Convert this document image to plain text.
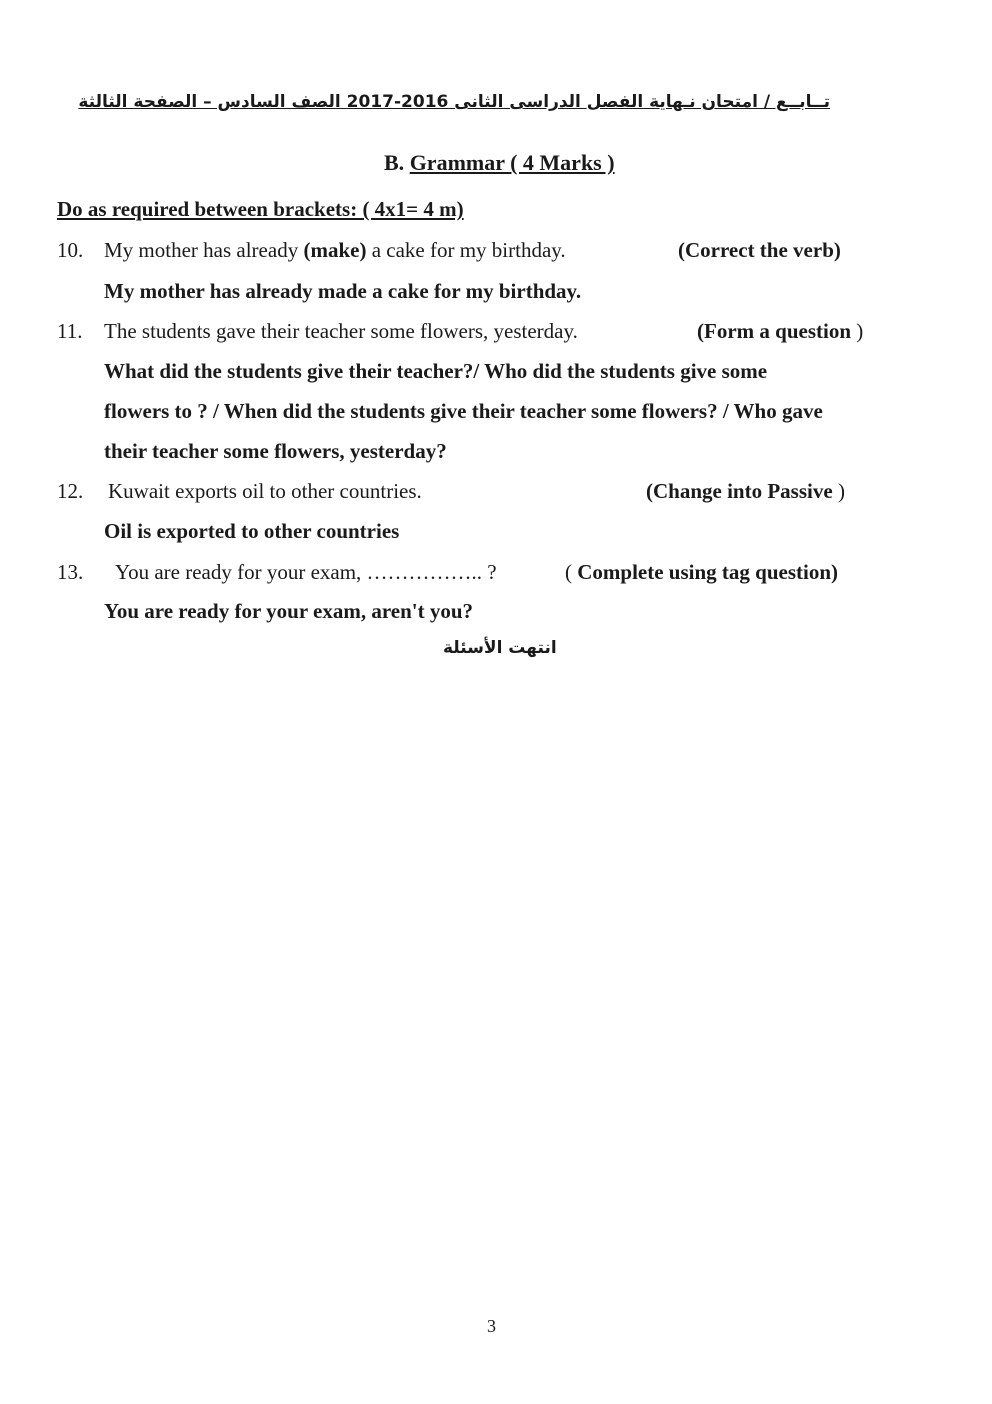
تــابــع / امتحان نـهاية الفصل الدراسى الثانى 2016-2017 الصف السادس – الصفحة الثالثة
B. Grammar ( 4 Marks )
Do as required between brackets: ( 4x1= 4 m)
10. My mother has already (make) a cake for my birthday.	(Correct the verb)
My mother has already made a cake for my birthday.
11. The students gave their teacher some flowers, yesterday.	(Form a question )
What did the students give their teacher?/ Who did the students give some
flowers to ? / When did the students give their teacher some flowers? / Who gave
their teacher some flowers, yesterday?
12. Kuwait exports oil to other countries.	(Change into Passive )
Oil is exported to other countries
13. You are ready for your exam, …………….. ?	( Complete using tag question)
You are ready for your exam, aren't you?
انتهت الأسئلة
3
